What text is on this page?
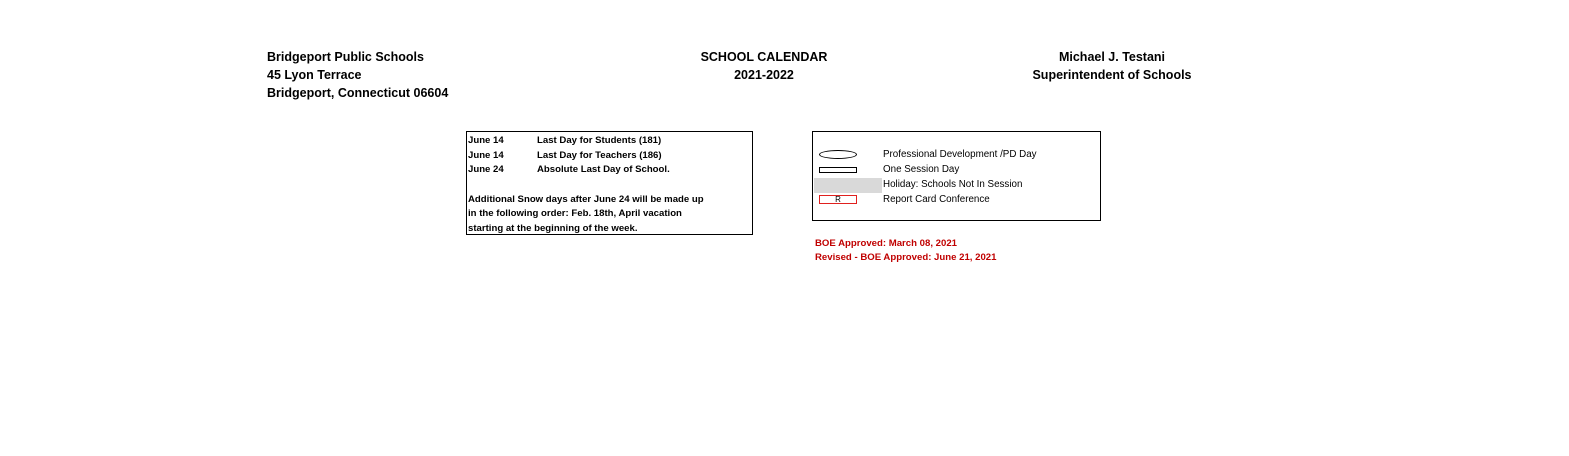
Bridgeport Public Schools
45 Lyon Terrace
Bridgeport, Connecticut 06604
SCHOOL CALENDAR
2021-2022
Michael J. Testani
Superintendent of Schools
June 14	Last Day for Students (181)
June 14	Last Day for Teachers (186)
June 24	Absolute Last Day of School.
Additional Snow days after June 24 will be made up
in the following order: Feb. 18th, April vacation
starting at the beginning of the week.
Professional Development /PD Day
One Session Day
Holiday: Schools Not In Session
R	Report Card Conference
BOE Approved: March 08, 2021
Revised - BOE Approved: June 21, 2021
